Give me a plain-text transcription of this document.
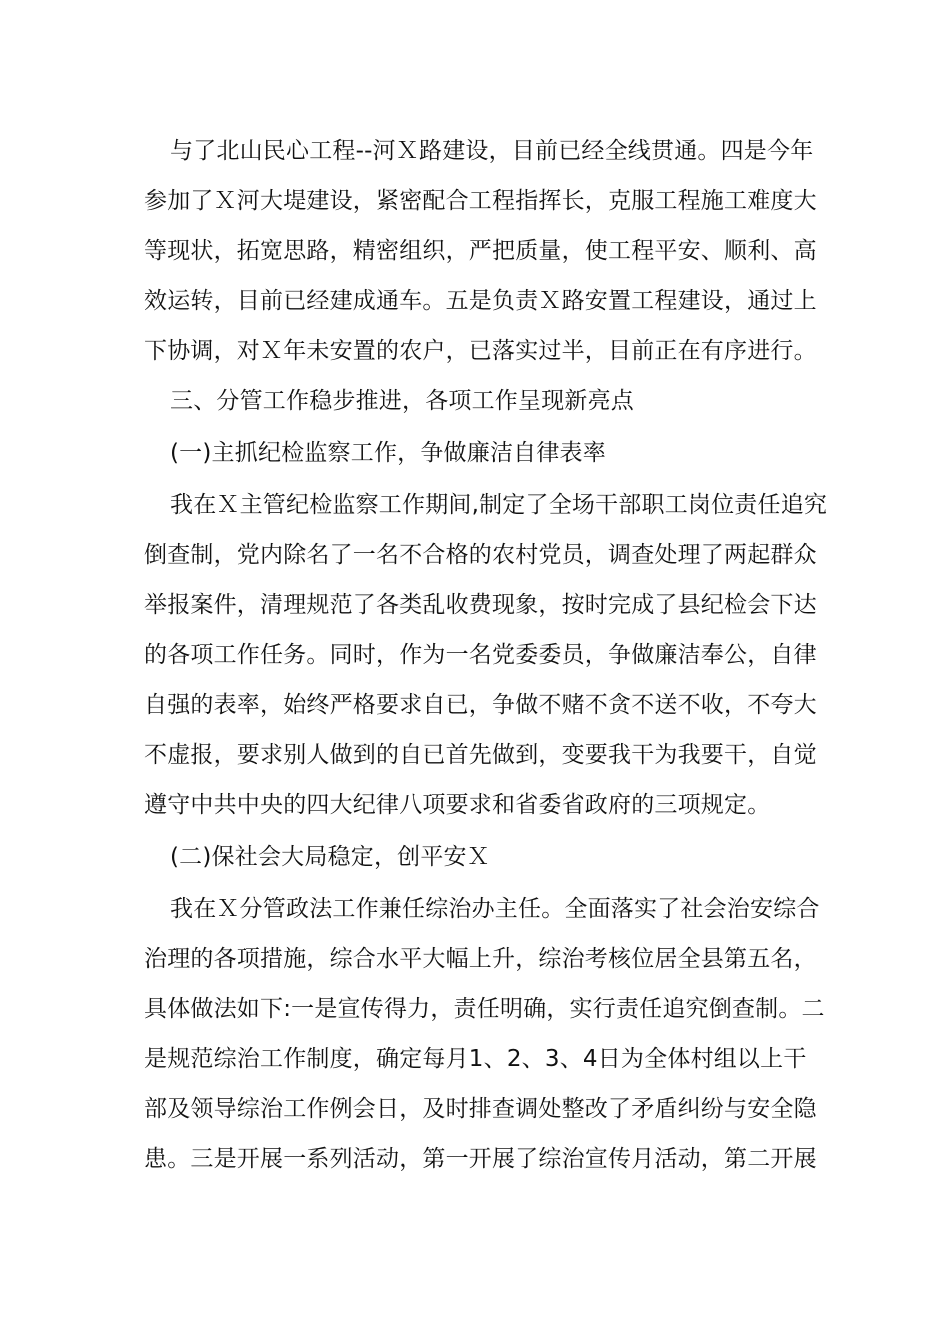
与了北山民心工程--河Ｘ路建设，目前已经全线贯通。四是今年
参加了Ｘ河大堤建设，紧密配合工程指挥长，克服工程施工难度大
等现状，拓宽思路，精密组织，严把质量，使工程平安、顺利、高
效运转，目前已经建成通车。五是负责Ｘ路安置工程建设，通过上
下协调，对Ｘ年未安置的农户，已落实过半，目前正在有序进行。
三、分管工作稳步推进，各项工作呈现新亮点
(一)主抓纪检监察工作，争做廉洁自律表率
我在Ｘ主管纪检监察工作期间,制定了全场干部职工岗位责任追究
倒查制，党内除名了一名不合格的农村党员，调查处理了两起群众
举报案件，清理规范了各类乱收费现象，按时完成了县纪检会下达
的各项工作任务。同时，作为一名党委委员，争做廉洁奉公，自律
自强的表率，始终严格要求自已，争做不赌不贪不送不收，不夸大
不虚报，要求别人做到的自已首先做到，变要我干为我要干，自觉
遵守中共中央的四大纪律八项要求和省委省政府的三项规定。
(二)保社会大局稳定，创平安Ｘ
我在Ｘ分管政法工作兼任综治办主任。全面落实了社会治安综合
治理的各项措施，综合水平大幅上升，综治考核位居全县第五名，
具体做法如下:一是宣传得力，责任明确，实行责任追究倒查制。二
是规范综治工作制度，确定每月1、2、3、4日为全体村组以上干
部及领导综治工作例会日，及时排查调处整改了矛盾纠纷与安全隐
患。三是开展一系列活动，第一开展了综治宣传月活动，第二开展
